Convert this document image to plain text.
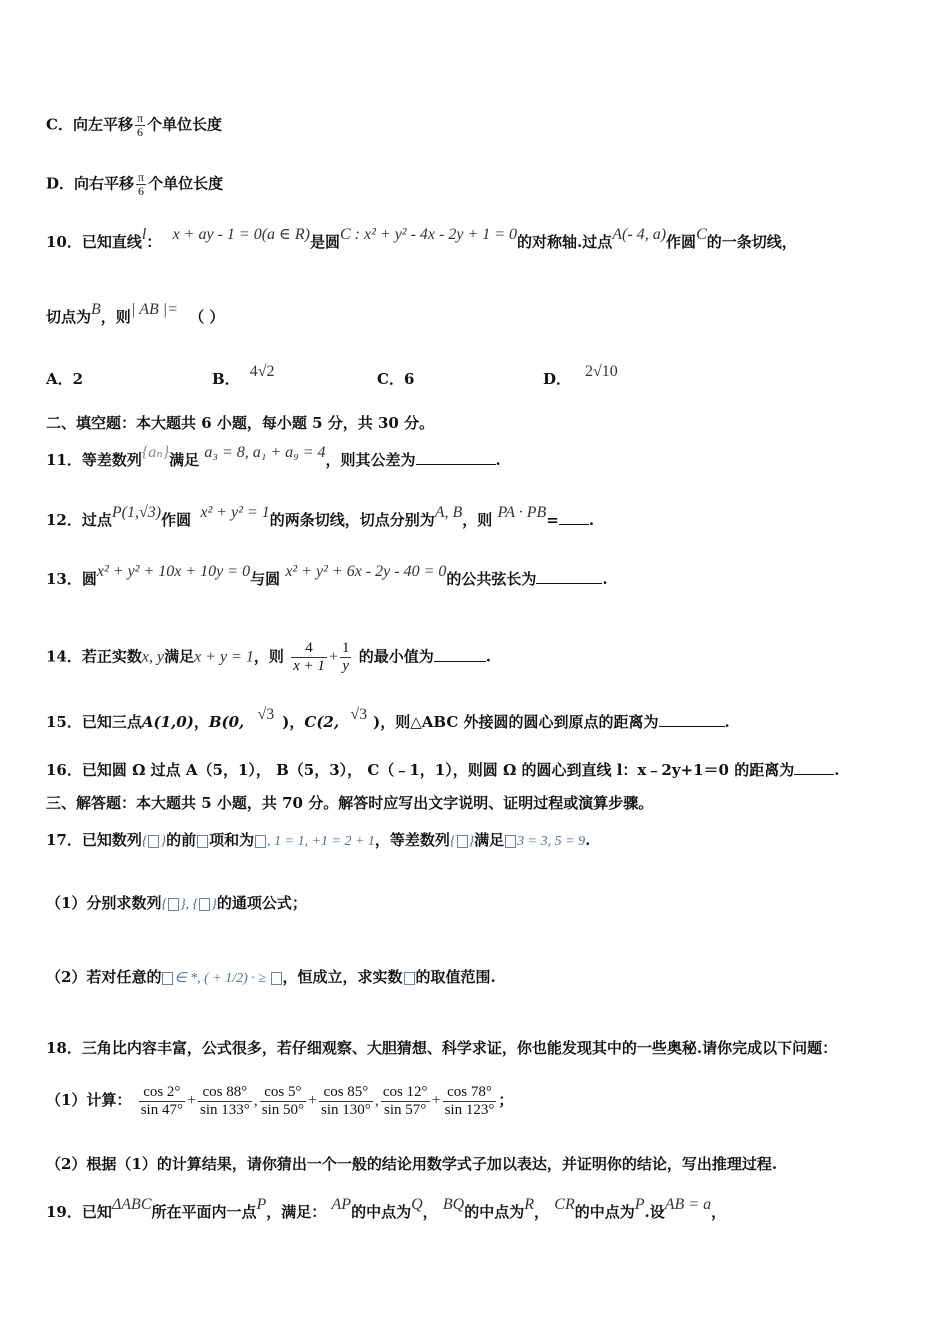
C．向左平移 $\frac{\pi}{6}$ 个单位长度
D．向右平移 $\frac{\pi}{6}$ 个单位长度
10．已知直线l： x + ay - 1 = 0(a ∈ R)是圆C : x² + y² - 4x - 2y + 1 = 0的对称轴.过点A(- 4, a)作圆C的一条切线，
切点为B，则| AB |= （ ）
A．2	B． 4√2	C．6	D． 2√10
二、填空题：本大题共 6 小题，每小题 5 分，共 30 分。
11．等差数列{aₙ}满足 a₃ = 8, a₁ + a₉ = 4，则其公差为	.
12．过点P(1,√3)作圆 x² + y² = 1的两条切线，切点分别为A, B，则 PA · PB= .
13．圆x² + y² + 10x + 10y = 0与圆 x² + y² + 6x - 2y - 40 = 0的公共弦长为	.
14．若正实数x, y满足x + y = 1，则 $\frac{4}{x + 1} + \frac{1}{y}$ 的最小值为	.
15．已知三点A(1,0)，B(0, √3 )，C(2, √3 )，则△ABC 外接圆的圆心到原点的距离为	.
16．已知圆 Ω 过点 A（5，1）， B（5，3）， C（﹣1，1），则圆 Ω 的圆心到直线 l：x﹣2y+1＝0 的距离为	.
三、解答题：本大题共 5 小题，共 70 分。解答时应写出文字说明、证明过程或演算步骤。
17．已知数列{ }的前 项和为 , 1 = 1, +1 = 2 + 1，等差数列{ }满足 3 = 3, 5 = 9.
（1）分别求数列{ }, { }的通项公式；
（2）若对任意的 ∈ *, ( + 1/2) · ≥ ，恒成立，求实数 的取值范围.
18．三角比内容丰富，公式很多，若仔细观察、大胆猜想、科学求证，你也能发现其中的一些奥秘.请你完成以下问题：
（1）计算： $\frac{\cos 2^\circ}{\sin 47^\circ} + \frac{\cos 88^\circ}{\sin 133^\circ}$ , $\frac{\cos 5^\circ}{\sin 50^\circ} + \frac{\cos 85^\circ}{\sin 130^\circ}$ , $\frac{\cos 12^\circ}{\sin 57^\circ} + \frac{\cos 78^\circ}{\sin 123^\circ}$ ；
（2）根据（1）的计算结果，请你猜出一个一般的结论用数学式子加以表达，并证明你的结论，写出推理过程.
19．已知ΔABC所在平面内一点P，满足： AP的中点为Q， BQ的中点为R， CR的中点为P.设AB = a，
